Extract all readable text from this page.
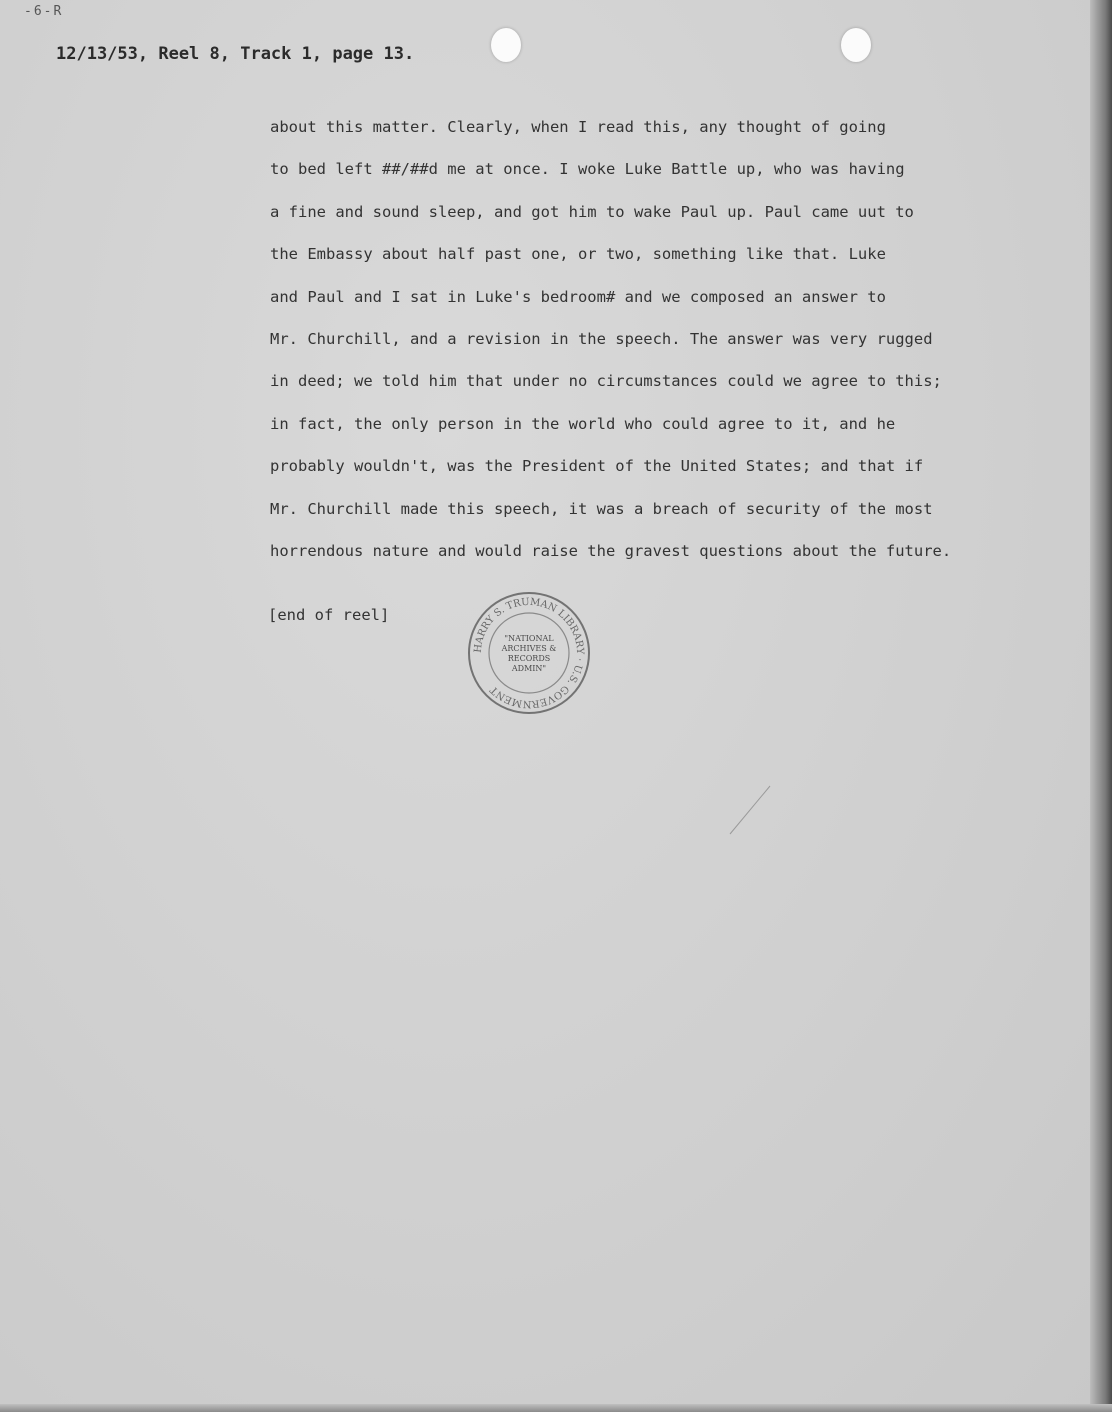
-6-R
12/13/53, Reel 8, Track 1, page 13.
about this matter. Clearly, when I read this, any thought of going
to bed left ##/##d me at once. I woke Luke Battle up, who was having
a fine and sound sleep, and got him to wake Paul up. Paul came uut to
the Embassy about half past one, or two, something like that. Luke
and Paul and I sat in Luke's bedroom# and we composed an answer to
Mr. Churchill, and a revision in the speech. The answer was very rugged
in deed; we told him that under no circumstances could we agree to this;
in fact, the only person in the world who could agree to it, and he
probably wouldn't, was the President of the United States; and that if
Mr. Churchill made this speech, it was a breach of security of the most
horrendous nature and would raise the gravest questions about the future.
[end of reel]
HARRY S. TRUMAN LIBRARY · U.S. GOVERNMENT
"NATIONAL
ARCHIVES &
RECORDS
ADMIN"
